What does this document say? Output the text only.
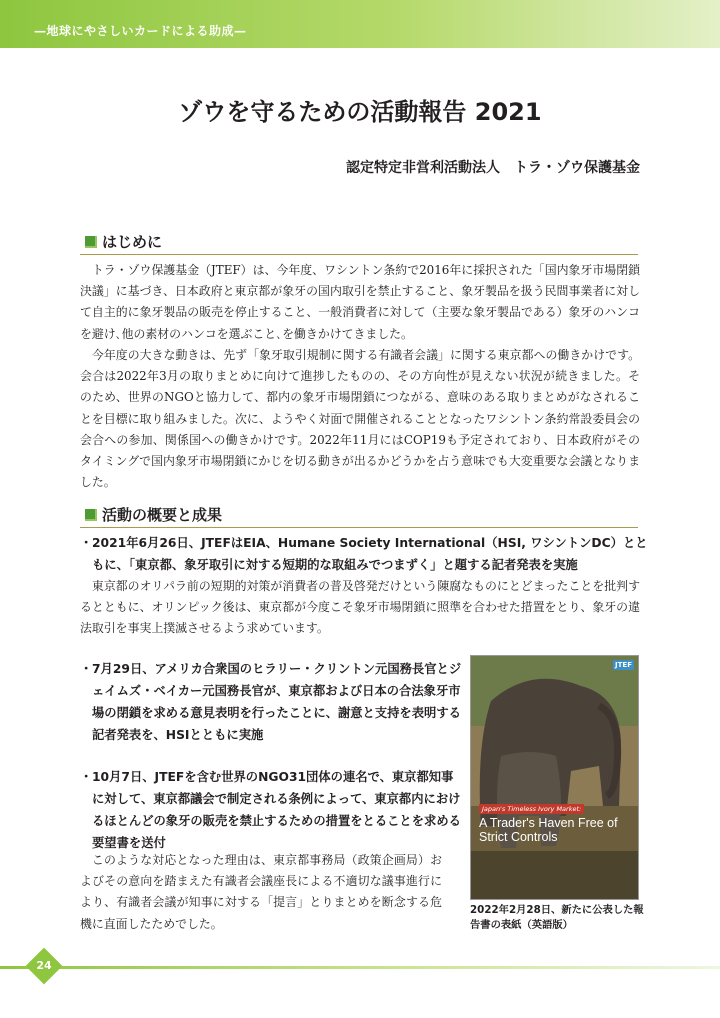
—地球にやさしいカードによる助成—
ゾウを守るための活動報告 2021
認定特定非営利活動法人　トラ・ゾウ保護基金
はじめに

トラ・ゾウ保護基金（JTEF）は、今年度、ワシントン条約で2016年に採択された「国内象牙市場閉鎖決議」に基づき、日本政府と東京都が象牙の国内取引を禁止すること、象牙製品を扱う民間事業者に対して自主的に象牙製品の販売を停止すること、一般消費者に対して（主要な象牙製品である）象牙のハンコを避け､他の素材のハンコを選ぶこと､を働きかけてきました。

今年度の大きな動きは、先ず「象牙取引規制に関する有識者会議」に関する東京都への働きかけです。会合は2022年3月の取りまとめに向けて進捗したものの、その方向性が見えない状況が続きました。そのため、世界のNGOと協力して、都内の象牙市場閉鎖につながる、意味のある取りまとめがなされることを目標に取り組みました。次に、ようやく対面で開催されることとなったワシントン条約常設委員会の会合への参加、関係国への働きかけです。2022年11月にはCOP19も予定されており、日本政府がそのタイミングで国内象牙市場閉鎖にかじを切る動きが出るかどうかを占う意味でも大変重要な会議となりました。

活動の概要と成果

・2021年6月26日、JTEFはEIA、Humane Society International（HSI, ワシントンDC）とともに、「東京都、象牙取引に対する短期的な取組みでつまずく」と題する記者発表を実施

東京都のオリパラ前の短期的対策が消費者の普及啓発だけという陳腐なものにとどまったことを批判するとともに、オリンピック後は、東京都が今度こそ象牙市場閉鎖に照準を合わせた措置をとり、象牙の違法取引を事実上撲滅させるよう求めています。

・7月29日、アメリカ合衆国のヒラリー・クリントン元国務長官とジェイムズ・ベイカー元国務長官が、東京都および日本の合法象牙市場の閉鎖を求める意見表明を行ったことに、謝意と支持を表明する記者発表を、HSIとともに実施

・10月7日、JTEFを含む世界のNGO31団体の連名で、東京都知事に対して、東京都議会で制定される条例によって、東京都内におけるほとんどの象牙の販売を禁止するための措置をとることを求める要望書を送付

このような対応となった理由は、東京都事務局（政策企画局）およびその意向を踏まえた有識者会議座長による不適切な議事進行により、有識者会議が知事に対する「提言」とりまとめを断念する危機に直面したためでした。

JTEF
Japan's Timeless Ivory Market:
A Trader's Haven Free of Strict Controls
2022年2月28日、新たに公表した報告書の表紙（英語版）
24
